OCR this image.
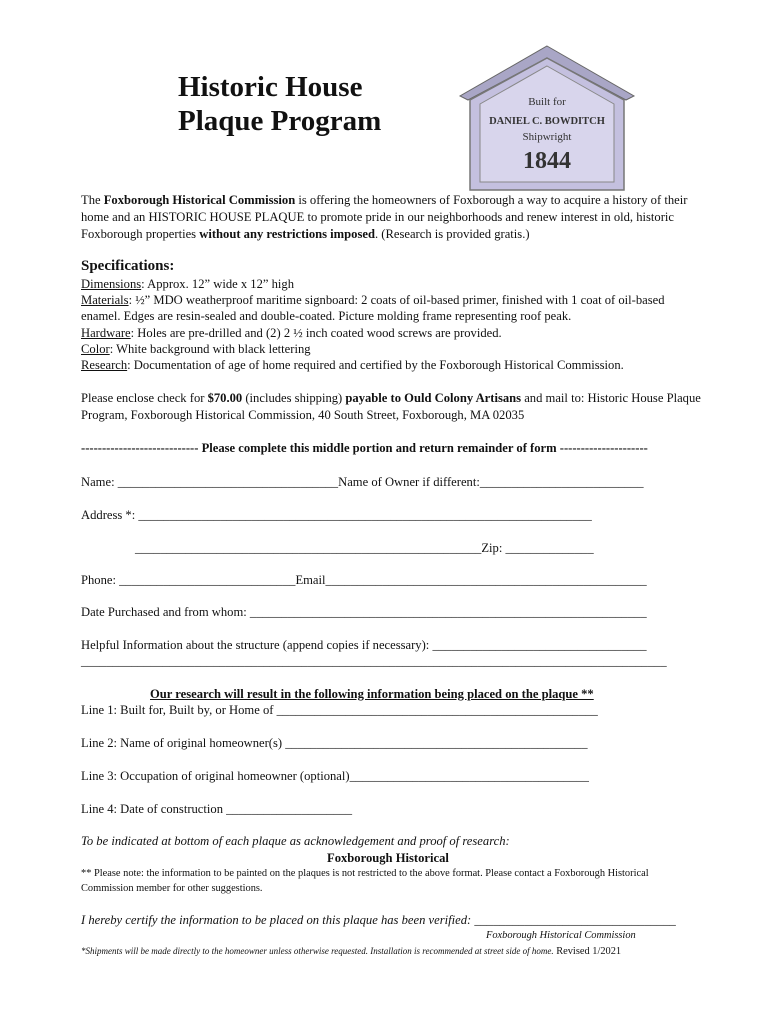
Historic House
Plaque Program
Built for
DANIEL C. BOWDITCH
Shipwright
1844
The Foxborough Historical Commission is offering the homeowners of Foxborough a way to acquire a history of their home and an HISTORIC HOUSE PLAQUE to promote pride in our neighborhoods and renew interest in old, historic Foxborough properties without any restrictions imposed. (Research is provided gratis.)
Specifications:
Dimensions: Approx. 12” wide x 12” high
Materials: ½” MDO weatherproof maritime signboard: 2 coats of oil-based primer, finished with 1 coat of oil-based enamel. Edges are resin-sealed and double-coated. Picture molding frame representing roof peak.
Hardware: Holes are pre-drilled and (2) 2 ½ inch coated wood screws are provided.
Color: White background with black lettering
Research: Documentation of age of home required and certified by the Foxborough Historical Commission.
Please enclose check for $70.00 (includes shipping) payable to Ould Colony Artisans and mail to: Historic House Plaque Program, Foxborough Historical Commission, 40 South Street, Foxborough, MA 02035
---------------------------- Please complete this middle portion and return remainder of form ---------------------
Name: ___________________________________Name of Owner if different:__________________________
Address *: ________________________________________________________________________
_______________________________________________________Zip: ______________
Phone: ____________________________Email___________________________________________________
Date Purchased and from whom: _______________________________________________________________
Helpful Information about the structure (append copies if necessary): __________________________________
_____________________________________________________________________________________________
Our research will result in the following information being placed on the plaque **
Line 1: Built for, Built by, or Home of ___________________________________________________
Line 2: Name of original homeowner(s) ________________________________________________
Line 3: Occupation of original homeowner (optional)______________________________________
Line 4: Date of construction ____________________
To be indicated at bottom of each plaque as acknowledgement and proof of research:
Foxborough Historical
** Please note: the information to be painted on the plaques is not restricted to the above format. Please contact a Foxborough Historical Commission member for other suggestions.
I hereby certify the information to be placed on this plaque has been verified: ________________________________
Foxborough Historical Commission
*Shipments will be made directly to the homeowner unless otherwise requested. Installation is recommended at street side of home. Revised 1/2021
